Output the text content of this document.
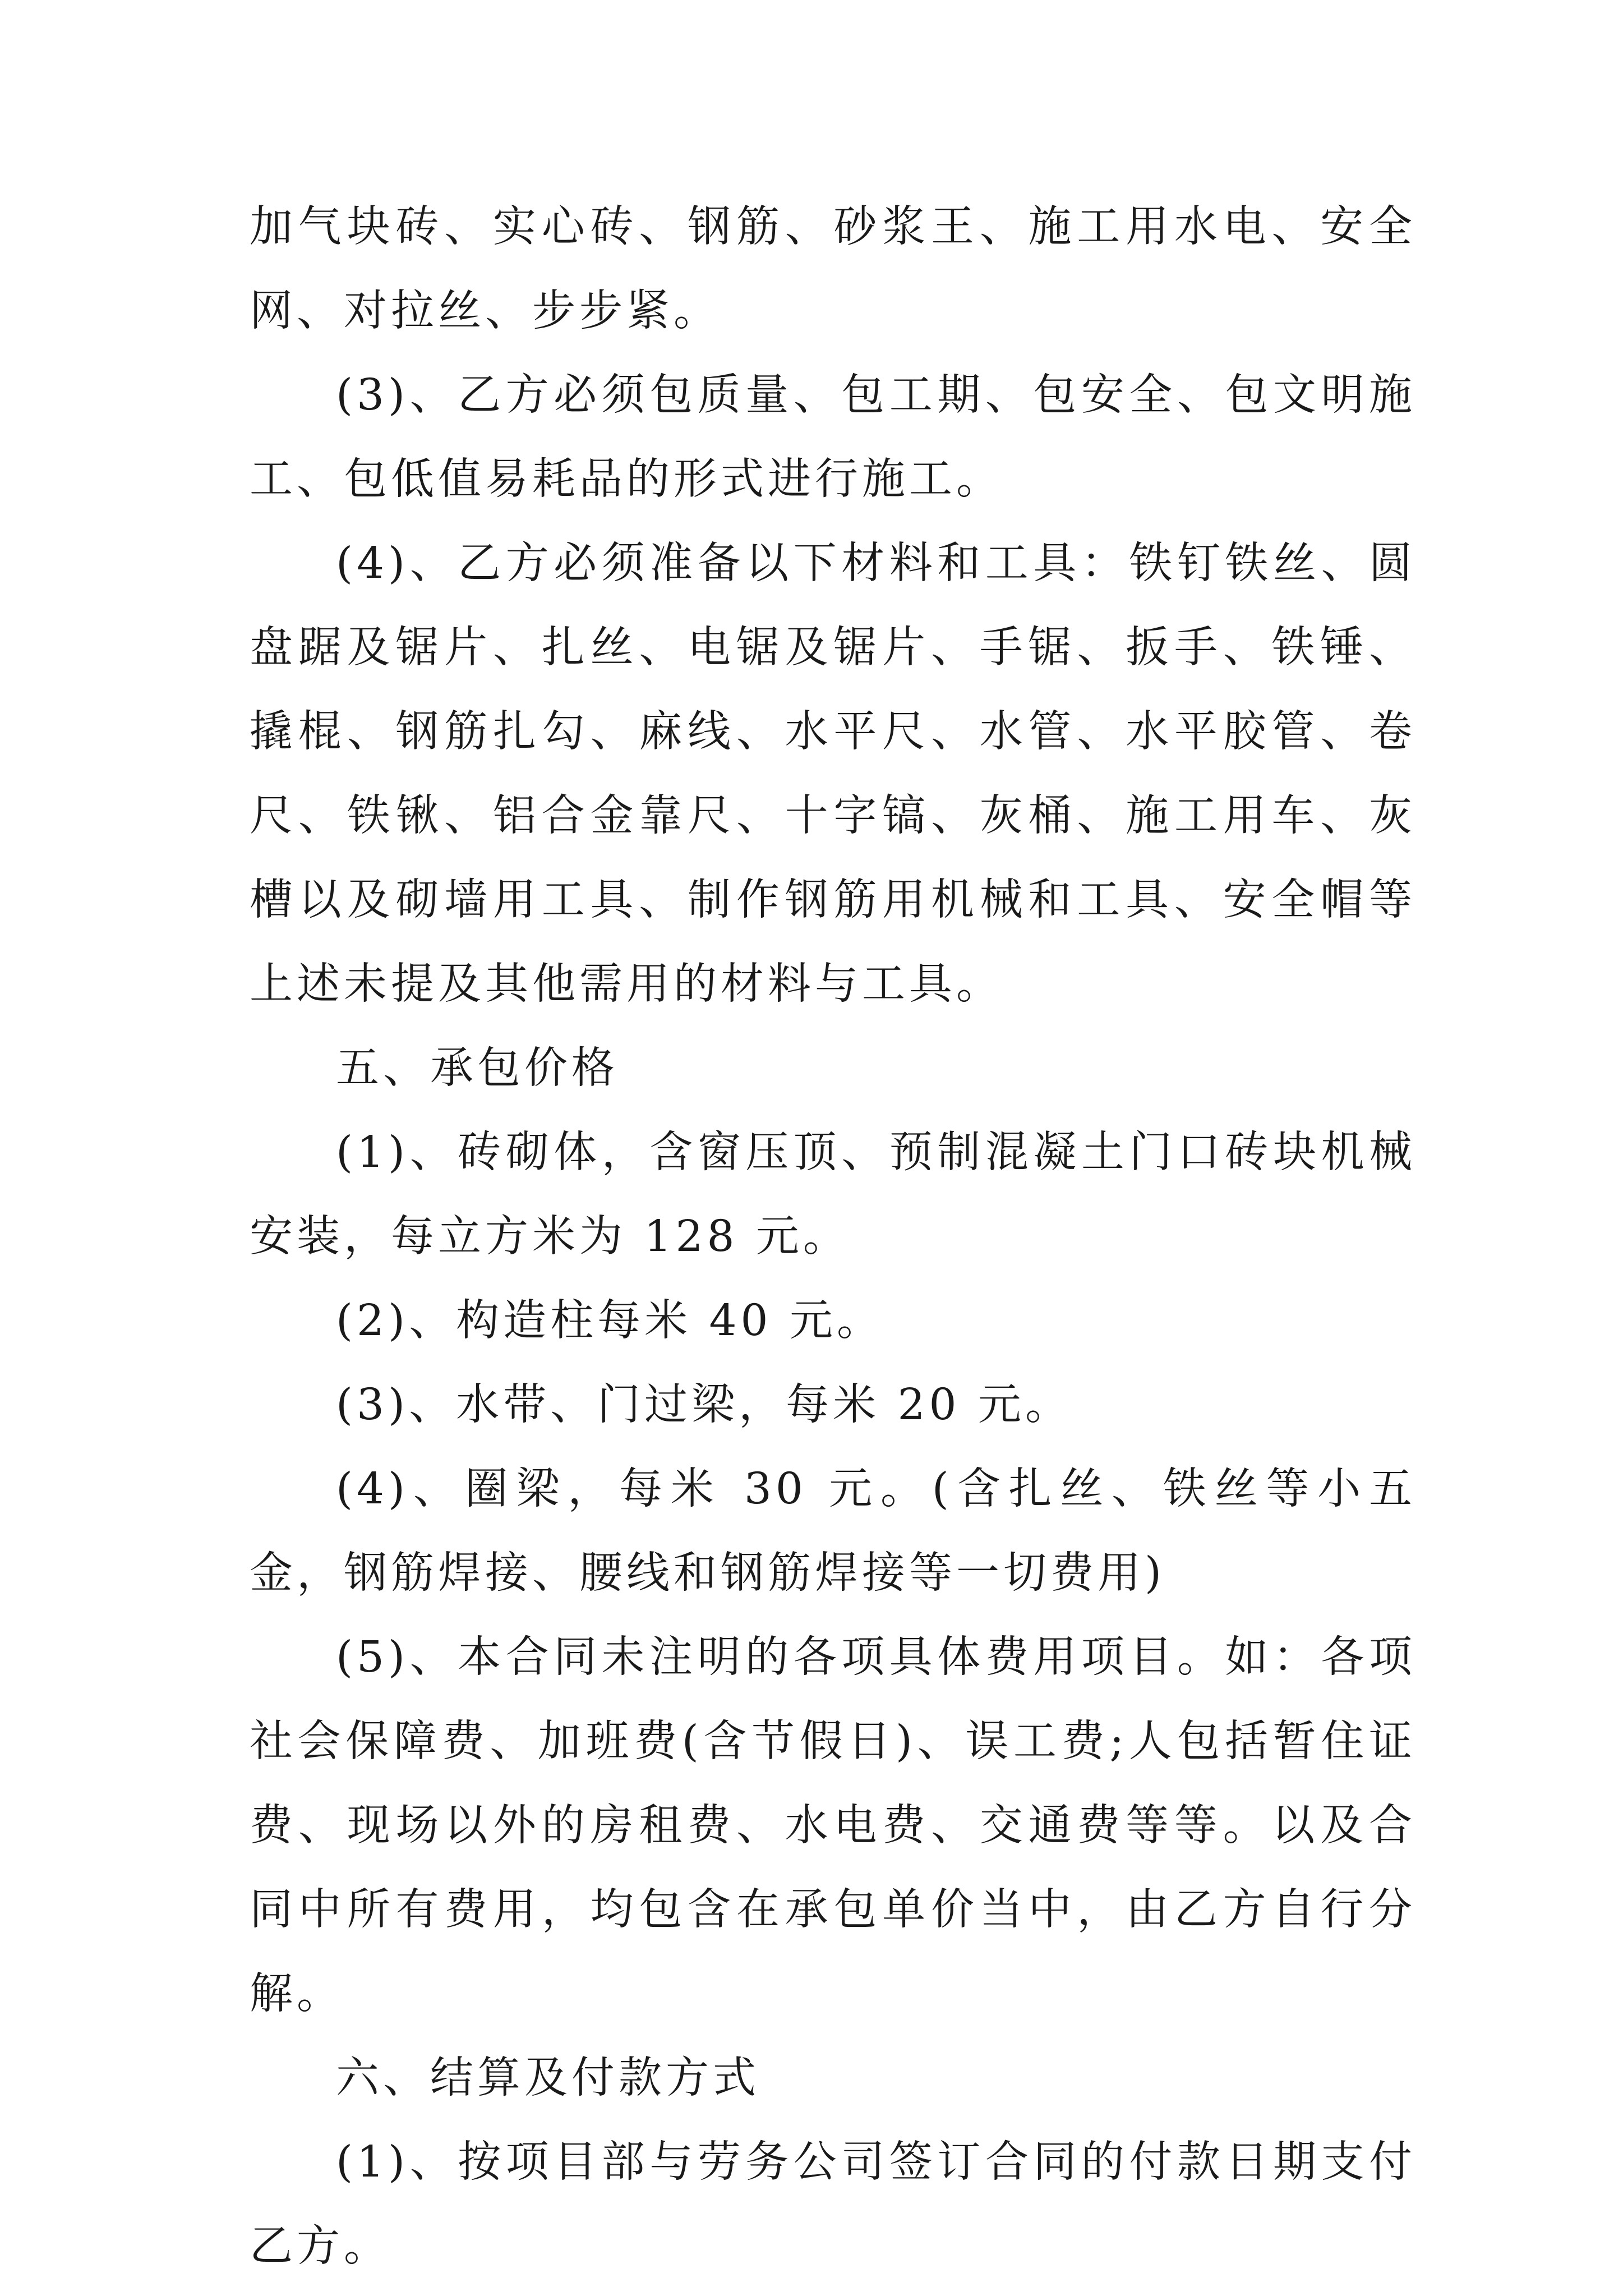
加气块砖、实心砖、钢筋、砂浆王、施工用水电、安全网、对拉丝、步步紧。

(3)、乙方必须包质量、包工期、包安全、包文明施工、包低值易耗品的形式进行施工。

(4)、乙方必须准备以下材料和工具：铁钉铁丝、圆盘踞及锯片、扎丝、电锯及锯片、手锯、扳手、铁锤、撬棍、钢筋扎勾、麻线、水平尺、水管、水平胶管、卷尺、铁锹、铝合金靠尺、十字镐、灰桶、施工用车、灰槽以及砌墙用工具、制作钢筋用机械和工具、安全帽等上述未提及其他需用的材料与工具。

五、承包价格

(1)、砖砌体，含窗压顶、预制混凝土门口砖块机械安装，每立方米为 128 元。

(2)、构造柱每米 40 元。

(3)、水带、门过梁，每米 20 元。

(4)、圈梁，每米 30 元。(含扎丝、铁丝等小五金，钢筋焊接、腰线和钢筋焊接等一切费用)

(5)、本合同未注明的各项具体费用项目。如：各项社会保障费、加班费(含节假日)、误工费;人包括暂住证费、现场以外的房租费、水电费、交通费等等。以及合同中所有费用，均包含在承包单价当中，由乙方自行分解。

六、结算及付款方式

(1)、按项目部与劳务公司签订合同的付款日期支付乙方。
